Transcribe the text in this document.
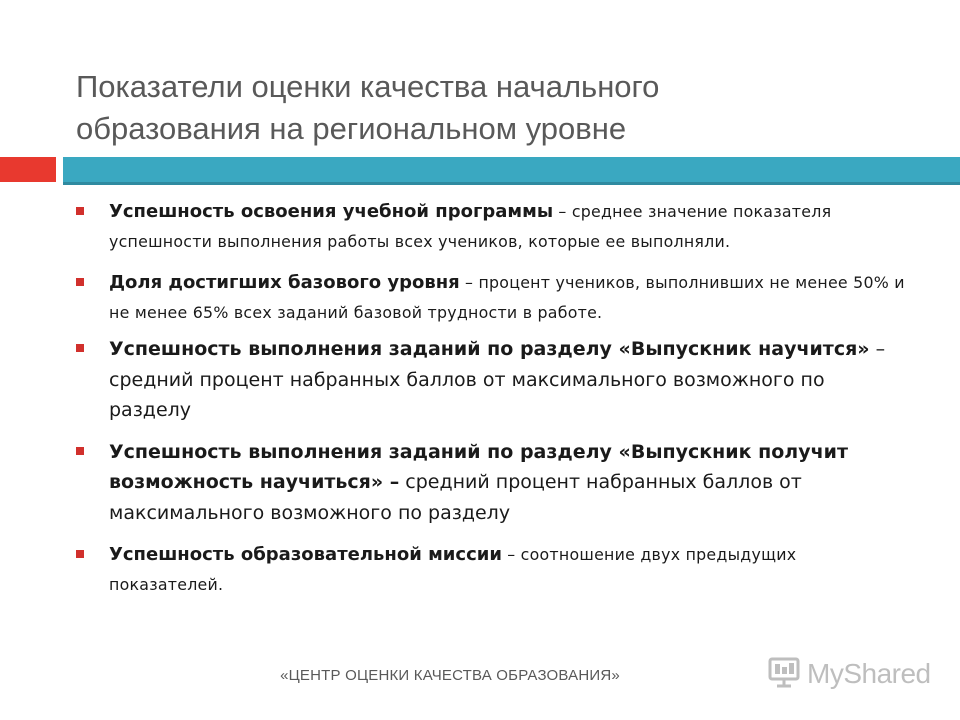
Показатели оценки качества начального
образования на региональном уровне
Успешность освоения учебной программы – среднее значение показателя успешности выполнения работы всех учеников, которые ее выполняли.
Доля достигших базового уровня – процент учеников, выполнивших не менее 50% и не менее 65% всех заданий базовой трудности в работе.
Успешность выполнения заданий по разделу «Выпускник научится» – средний процент набранных баллов от максимального возможного по разделу
Успешность выполнения заданий по разделу «Выпускник получит возможность научиться» – средний процент набранных баллов от максимального возможного по разделу
Успешность образовательной миссии – соотношение двух предыдущих показателей.
«ЦЕНТР ОЦЕНКИ КАЧЕСТВА ОБРАЗОВАНИЯ»	MyShared
